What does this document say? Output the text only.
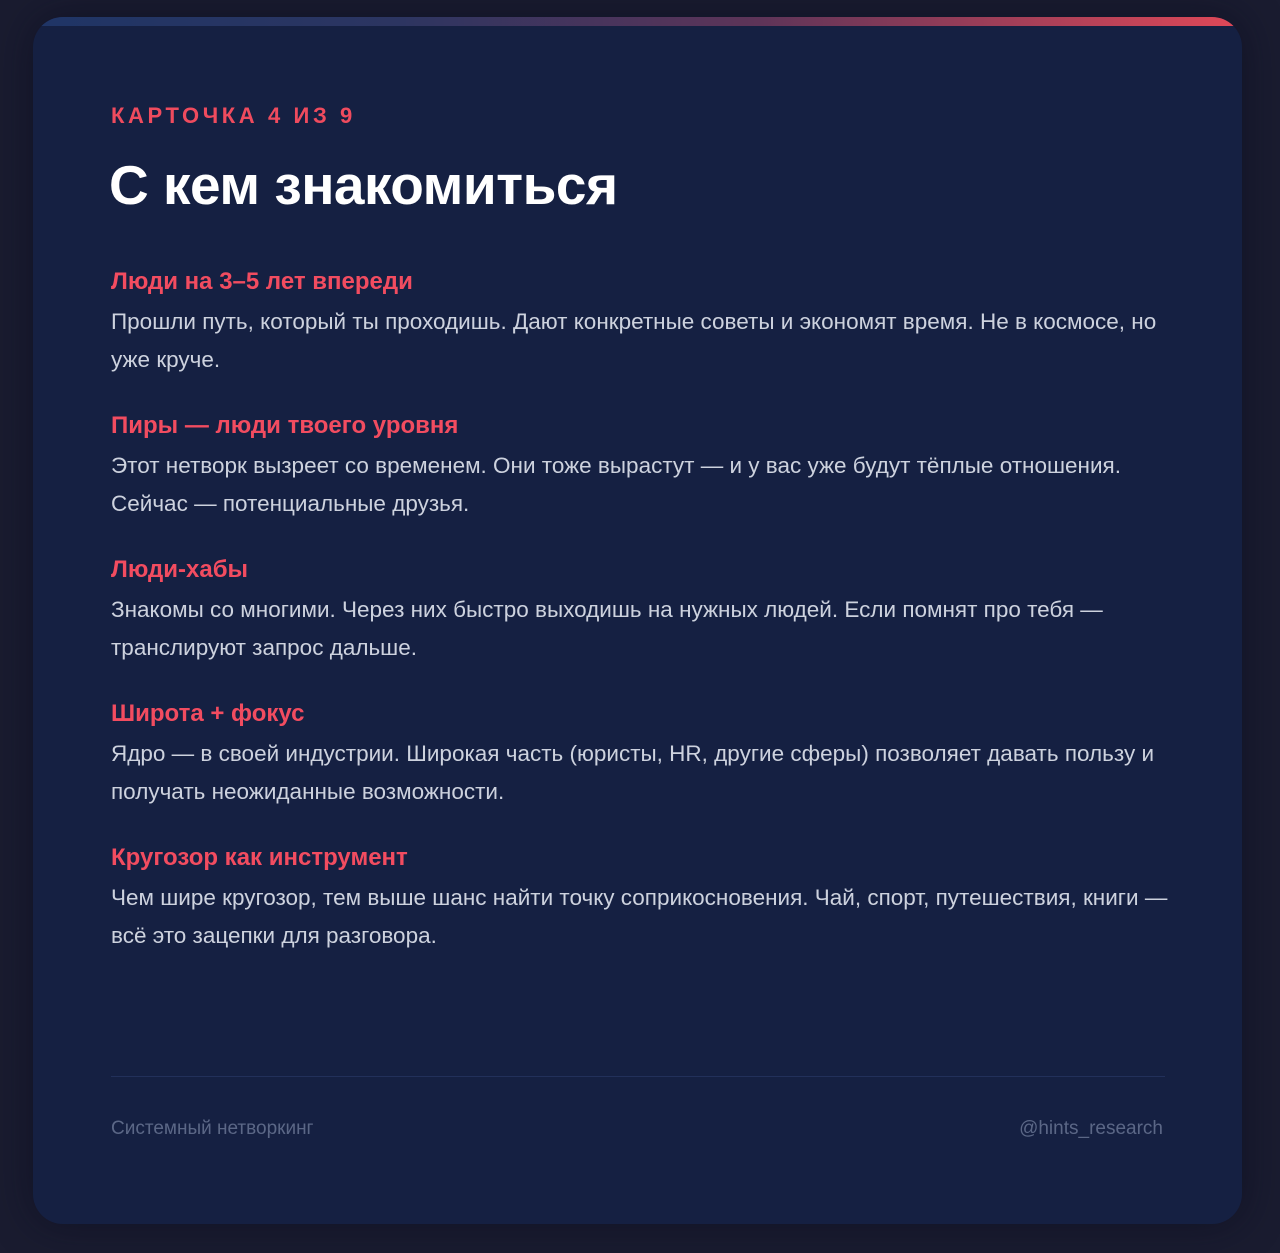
КАРТОЧКА 4 ИЗ 9
С кем знакомиться
Люди на 3–5 лет впереди

Прошли путь, который ты проходишь. Дают конкретные советы и экономят время. Не в космосе, но уже круче.

Пиры — люди твоего уровня

Этот нетворк вызреет со временем. Они тоже вырастут — и у вас уже будут тёплые отношения. Сейчас — потенциальные друзья.

Люди-хабы

Знакомы со многими. Через них быстро выходишь на нужных людей. Если помнят про тебя — транслируют запрос дальше.

Широта + фокус

Ядро — в своей индустрии. Широкая часть (юристы, HR, другие сферы) позволяет давать пользу и получать неожиданные возможности.

Кругозор как инструмент

Чем шире кругозор, тем выше шанс найти точку соприкосновения. Чай, спорт, путешествия, книги — всё это зацепки для разговора.

Системный нетворкинг	@hints_research
